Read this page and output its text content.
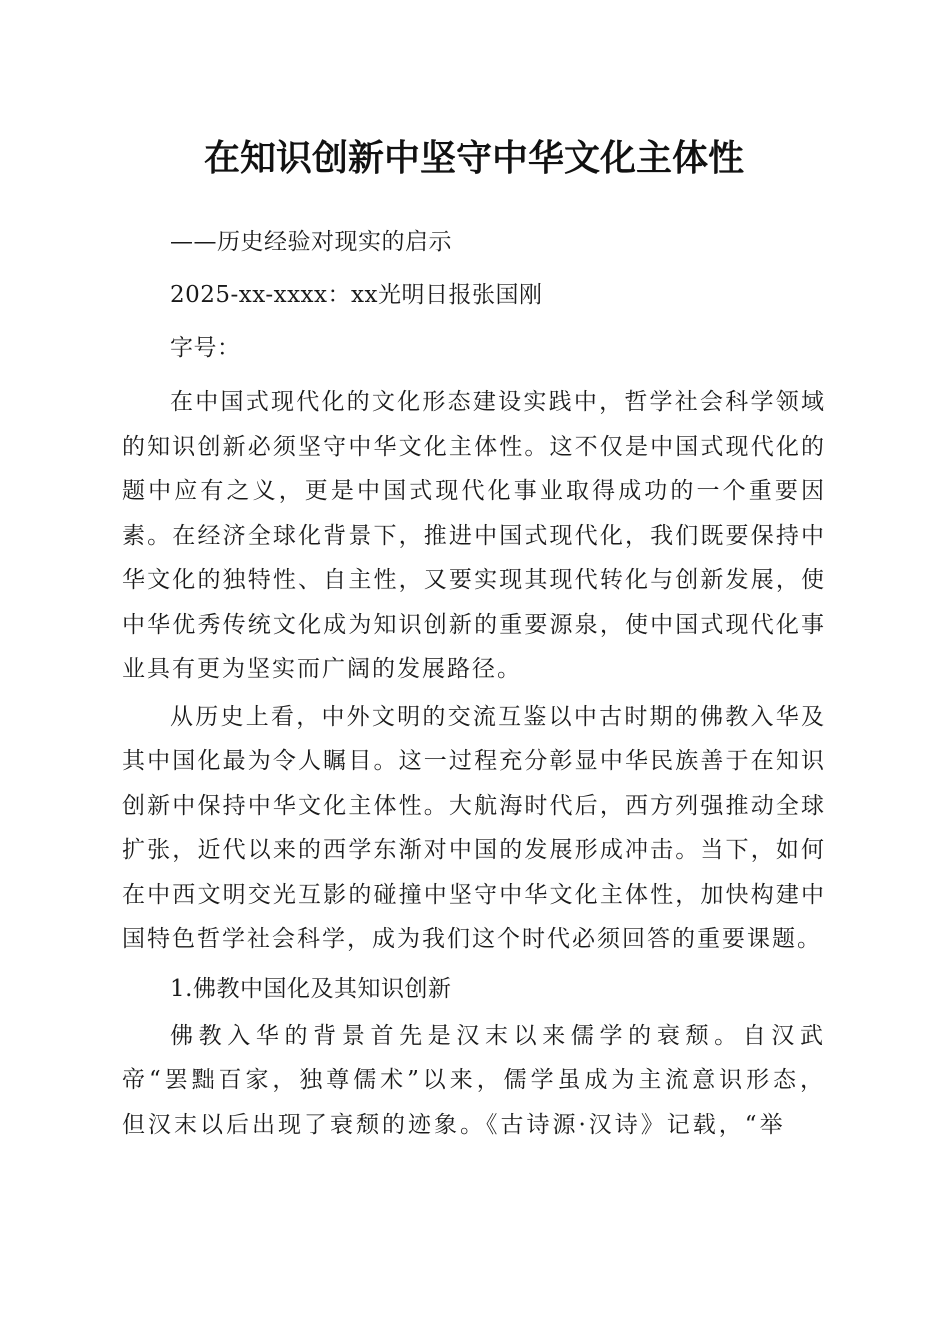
在知识创新中坚守中华文化主体性

——历史经验对现实的启示

2025-xx-xxxx：xx光明日报张国刚

字号：

在中国式现代化的文化形态建设实践中，哲学社会科学领域的知识创新必须坚守中华文化主体性。这不仅是中国式现代化的题中应有之义，更是中国式现代化事业取得成功的一个重要因素。在经济全球化背景下，推进中国式现代化，我们既要保持中华文化的独特性、自主性，又要实现其现代转化与创新发展，使中华优秀传统文化成为知识创新的重要源泉，使中国式现代化事业具有更为坚实而广阔的发展路径。

从历史上看，中外文明的交流互鉴以中古时期的佛教入华及其中国化最为令人瞩目。这一过程充分彰显中华民族善于在知识创新中保持中华文化主体性。大航海时代后，西方列强推动全球扩张，近代以来的西学东渐对中国的发展形成冲击。当下，如何在中西文明交光互影的碰撞中坚守中华文化主体性，加快构建中国特色哲学社会科学，成为我们这个时代必须回答的重要课题。

1.佛教中国化及其知识创新

佛教入华的背景首先是汉末以来儒学的衰颓。自汉武帝“罢黜百家，独尊儒术”以来，儒学虽成为主流意识形态，但汉末以后出现了衰颓的迹象。《古诗源·汉诗》记载，“举
